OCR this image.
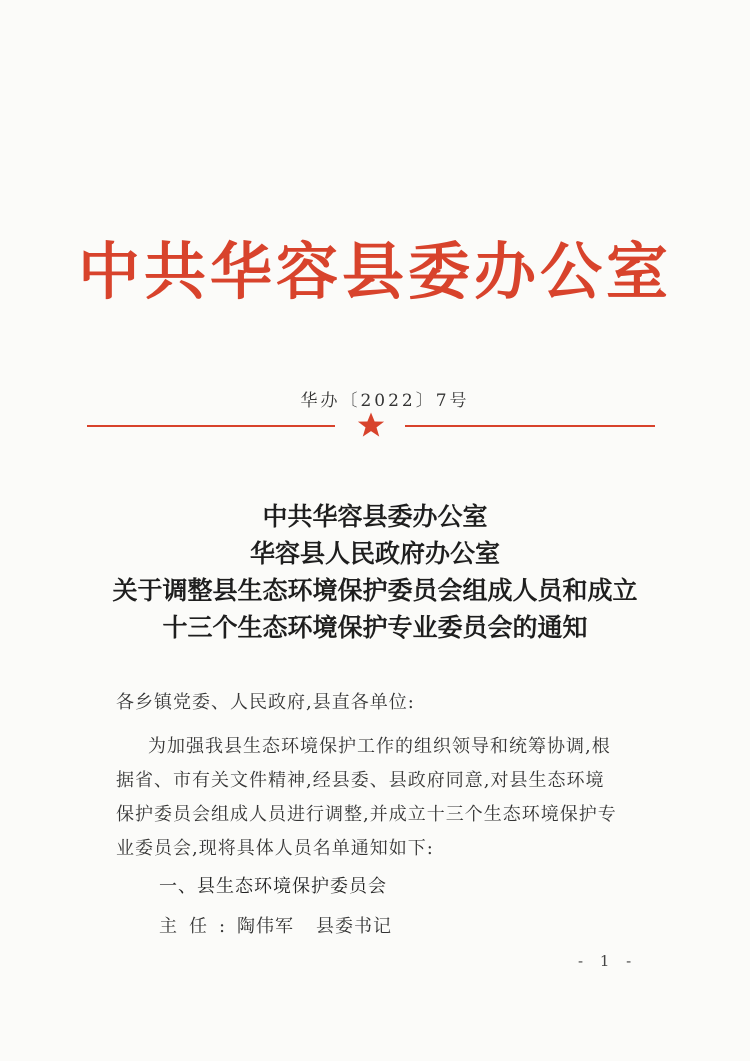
中共华容县委办公室
华办〔2022〕7号
中共华容县委办公室
华容县人民政府办公室
关于调整县生态环境保护委员会组成人员和成立
十三个生态环境保护专业委员会的通知
各乡镇党委、人民政府,县直各单位:
为加强我县生态环境保护工作的组织领导和统筹协调,根
据省、市有关文件精神,经县委、县政府同意,对县生态环境
保护委员会组成人员进行调整,并成立十三个生态环境保护专
业委员会,现将具体人员名单通知如下:
一、县生态环境保护委员会
主任:陶伟军 县委书记
- 1 -
